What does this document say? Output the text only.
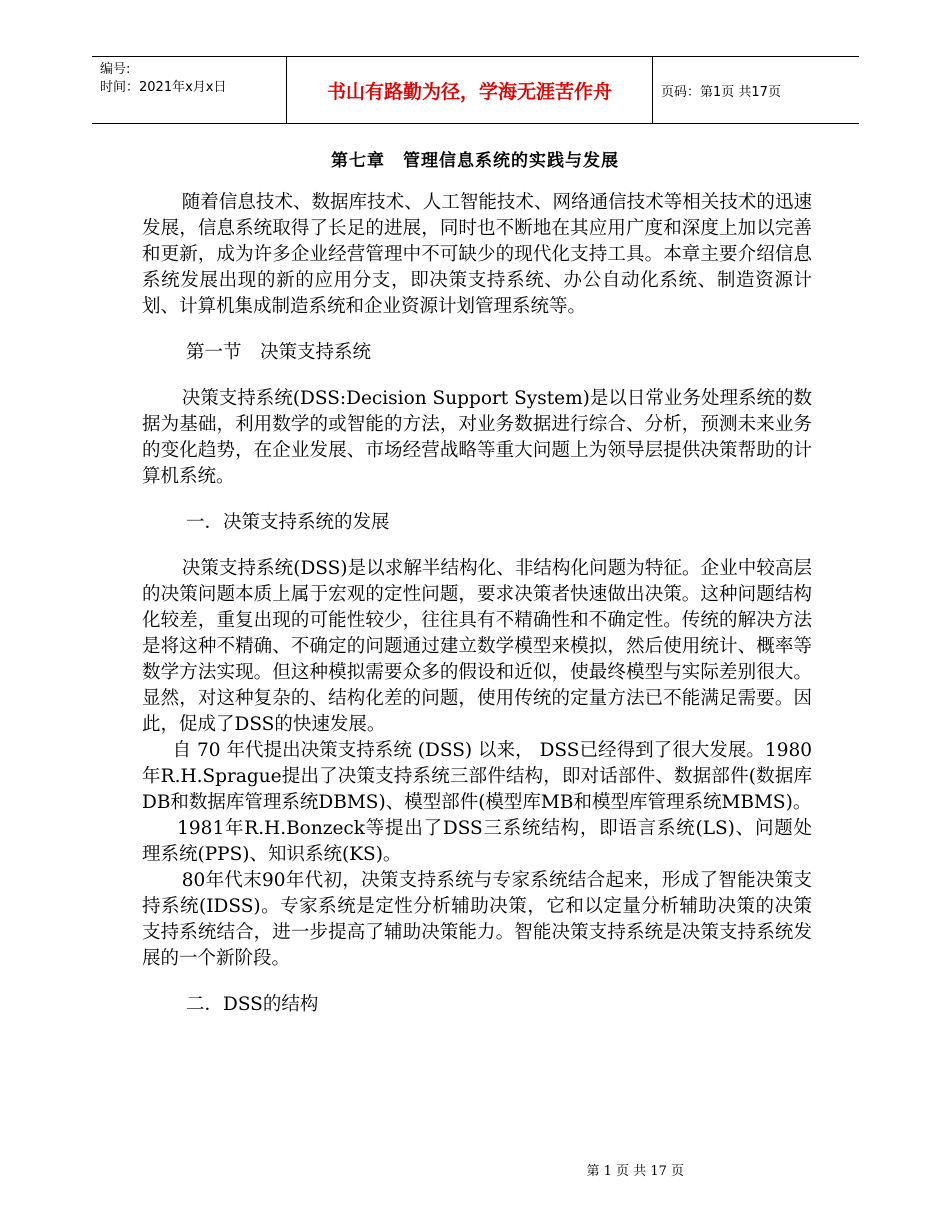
编号:
时间：2021年x月x日	书山有路勤为径，学海无涯苦作舟	页码：第1页 共17页
第七章　管理信息系统的实践与发展

随着信息技术、数据库技术、人工智能技术、网络通信技术等相关技术的迅速发展，信息系统取得了长足的进展，同时也不断地在其应用广度和深度上加以完善和更新，成为许多企业经营管理中不可缺少的现代化支持工具。本章主要介绍信息系统发展出现的新的应用分支，即决策支持系统、办公自动化系统、制造资源计划、计算机集成制造系统和企业资源计划管理系统等。

第一节　决策支持系统

决策支持系统(DSS:Decision Support System)是以日常业务处理系统的数据为基础，利用数学的或智能的方法，对业务数据进行综合、分析，预测未来业务的变化趋势，在企业发展、市场经营战略等重大问题上为领导层提供决策帮助的计算机系统。

一．决策支持系统的发展

决策支持系统(DSS)是以求解半结构化、非结构化问题为特征。企业中较高层的决策问题本质上属于宏观的定性问题，要求决策者快速做出决策。这种问题结构化较差，重复出现的可能性较少，往往具有不精确性和不确定性。传统的解决方法是将这种不精确、不确定的问题通过建立数学模型来模拟，然后使用统计、概率等数学方法实现。但这种模拟需要众多的假设和近似，使最终模型与实际差别很大。显然，对这种复杂的、结构化差的问题，使用传统的定量方法已不能满足需要。因此，促成了DSS的快速发展。

自 70 年代提出决策支持系统 (DSS) 以来， DSS已经得到了很大发展。1980年R.H.Sprague提出了决策支持系统三部件结构，即对话部件、数据部件(数据库DB和数据库管理系统DBMS)、模型部件(模型库MB和模型库管理系统MBMS)。

1981年R.H.Bonzeck等提出了DSS三系统结构，即语言系统(LS)、问题处理系统(PPS)、知识系统(KS)。

80年代末90年代初，决策支持系统与专家系统结合起来，形成了智能决策支持系统(IDSS)。专家系统是定性分析辅助决策，它和以定量分析辅助决策的决策支持系统结合，进一步提高了辅助决策能力。智能决策支持系统是决策支持系统发展的一个新阶段。

二．DSS的结构

第 1 页 共 17 页
